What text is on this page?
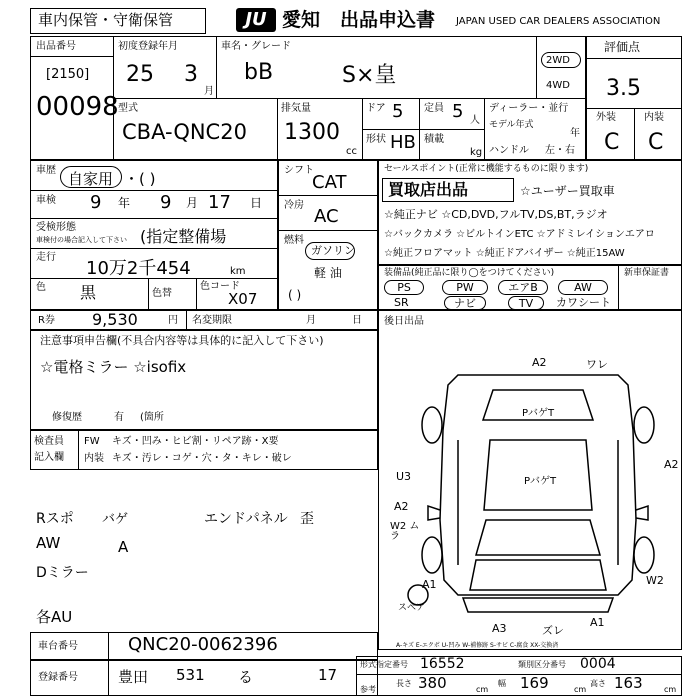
車内保管・守衛保管	JU 愛知 出品申込書 JAPAN USED CAR DEALERS ASSOCIATION
出品番号
[2150]
00098
初度登録年月
25 3
月
車名・グレード
bB	S×皇
2WD
4WD
評価点
3.5
外装	内装
C C
型式
CBA-QNC20
排気量
1300
cc
ドア 5
形状 HB
定員 5 人
積載
kg
ディーラー・並行
モデル年式
年
ハンドル 左・右
車歴 自家用 ・( )
車検 9 年 9 月 17 日
受検形態
車検付の場合記入して下さい (指定整備場
走行
10万2千454	km
色 黒	色替
色コード
X07
シフト
CAT
冷房
AC
燃料
ガソリン
軽 油
( )
セールスポイント(正常に機能するものに限ります)
買取店出品	☆ユーザー買取車
☆純正ナビ ☆CD,DVD,フルTV,DS,BT,ラジオ
☆バックカメラ ☆ビルトインETC ☆アドミレイションエアロ
☆純正フロアマット ☆純正ドアバイザー ☆純正15AW
装備品(純正品に限り◯をつけてください)
PS	PW	エアB	AW
SR	ナビ	TV	カワシート
新車保証書
R券 9,530	円 名変期限	月	日
注意事項申告欄(不具合内容等は具体的に記入して下さい)
☆電格ミラー ☆isofix
修復歴	有 (箇所
検査員
記入欄
FW キズ・凹み・ヒビ割・リペア跡・X要
内装 キズ・汚レ・コゲ・穴・タ・キレ・破レ
Rスポ バゲ	エンドパネル 歪
AW	A
Dミラー
各AU
後日出品
A2	ワレ
PバゲT
A2
PバゲT
U3
A2
W2 ムラ
A1	W2
A3	ズレ
A1
スペア
A-キズ E-エクボ U-凹み W-補修跡 S-サビ C-腐食 XX-交換済
車台番号	QNC20-0062396
登録番号	豊田 531 る	17
形式指定番号 16552	類別区分番号 0004
参考
長さ 380	cm
幅 169	cm
高さ 163	cm
